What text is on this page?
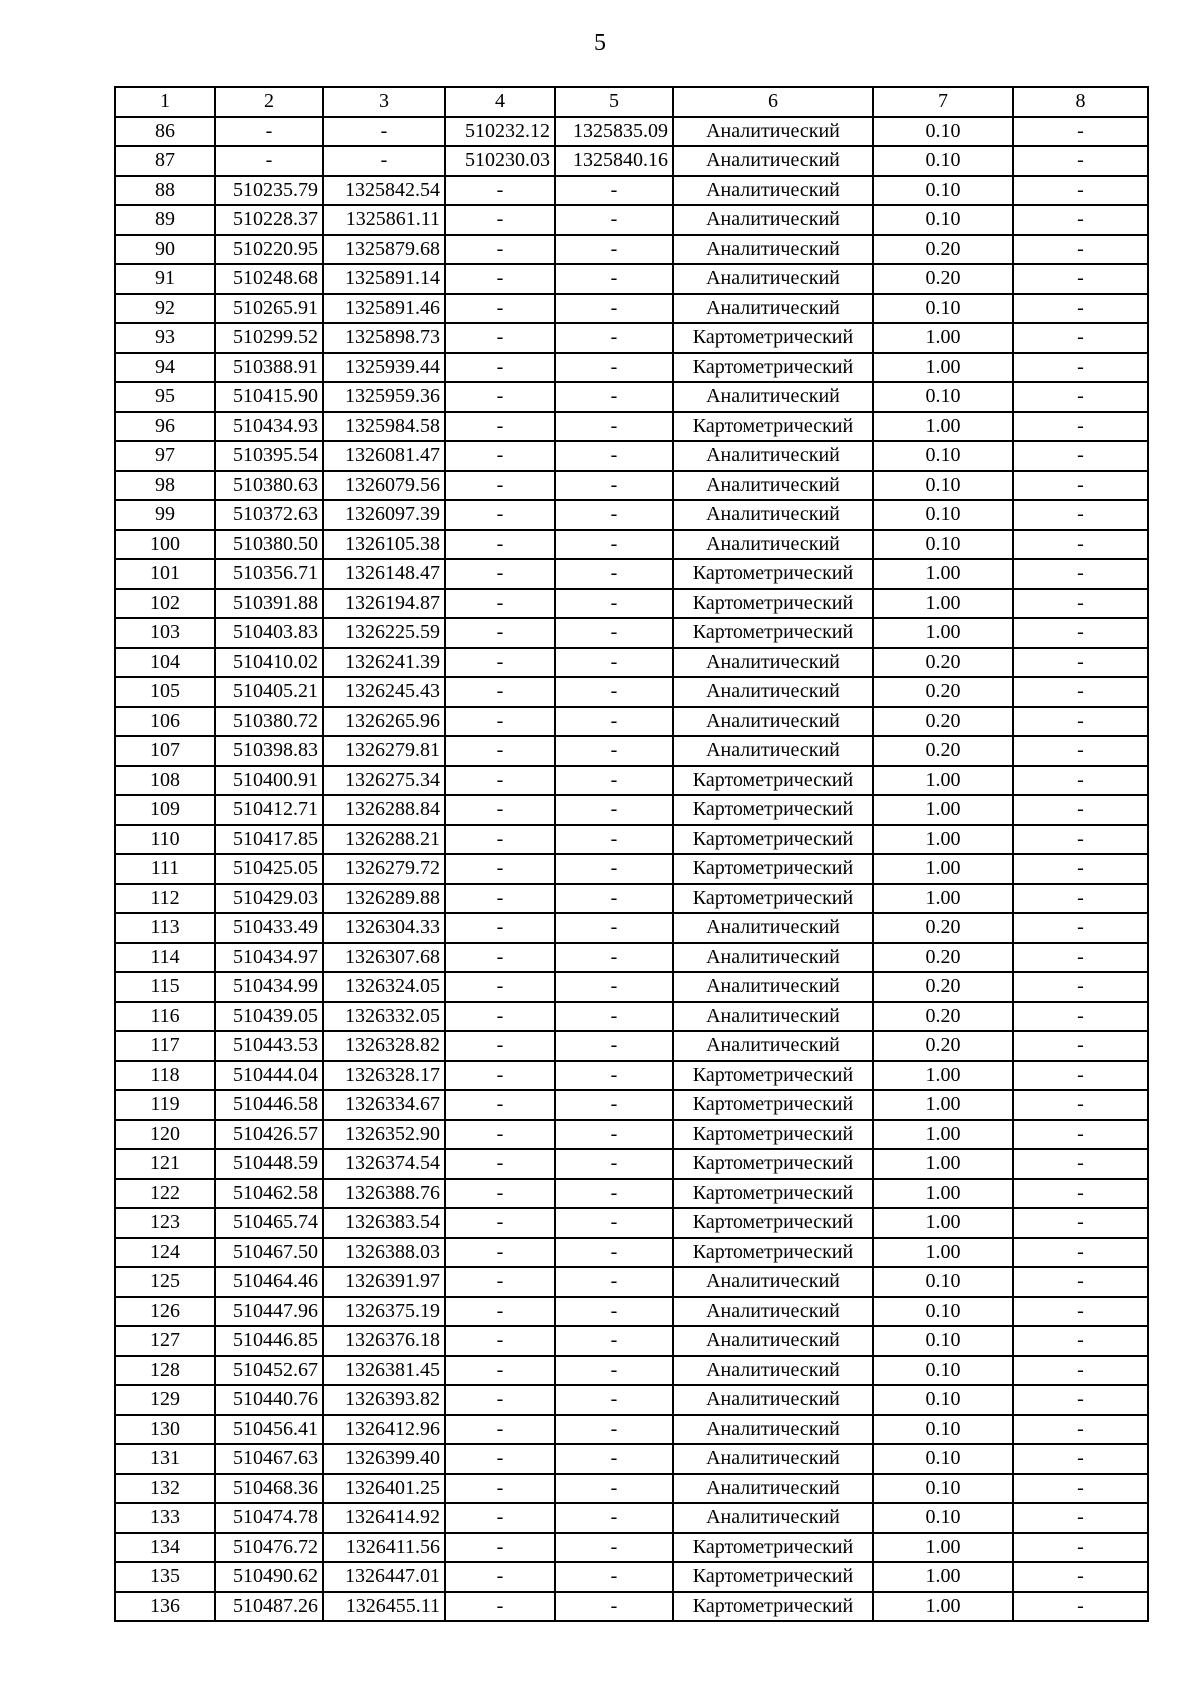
5
1	2	3	4	5	6	7	8
86	-	-	510232.12	1325835.09	Аналитический	0.10	-
87	-	-	510230.03	1325840.16	Аналитический	0.10	-
88	510235.79	1325842.54	-	-	Аналитический	0.10	-
89	510228.37	1325861.11	-	-	Аналитический	0.10	-
90	510220.95	1325879.68	-	-	Аналитический	0.20	-
91	510248.68	1325891.14	-	-	Аналитический	0.20	-
92	510265.91	1325891.46	-	-	Аналитический	0.10	-
93	510299.52	1325898.73	-	-	Картометрический	1.00	-
94	510388.91	1325939.44	-	-	Картометрический	1.00	-
95	510415.90	1325959.36	-	-	Аналитический	0.10	-
96	510434.93	1325984.58	-	-	Картометрический	1.00	-
97	510395.54	1326081.47	-	-	Аналитический	0.10	-
98	510380.63	1326079.56	-	-	Аналитический	0.10	-
99	510372.63	1326097.39	-	-	Аналитический	0.10	-
100	510380.50	1326105.38	-	-	Аналитический	0.10	-
101	510356.71	1326148.47	-	-	Картометрический	1.00	-
102	510391.88	1326194.87	-	-	Картометрический	1.00	-
103	510403.83	1326225.59	-	-	Картометрический	1.00	-
104	510410.02	1326241.39	-	-	Аналитический	0.20	-
105	510405.21	1326245.43	-	-	Аналитический	0.20	-
106	510380.72	1326265.96	-	-	Аналитический	0.20	-
107	510398.83	1326279.81	-	-	Аналитический	0.20	-
108	510400.91	1326275.34	-	-	Картометрический	1.00	-
109	510412.71	1326288.84	-	-	Картометрический	1.00	-
110	510417.85	1326288.21	-	-	Картометрический	1.00	-
111	510425.05	1326279.72	-	-	Картометрический	1.00	-
112	510429.03	1326289.88	-	-	Картометрический	1.00	-
113	510433.49	1326304.33	-	-	Аналитический	0.20	-
114	510434.97	1326307.68	-	-	Аналитический	0.20	-
115	510434.99	1326324.05	-	-	Аналитический	0.20	-
116	510439.05	1326332.05	-	-	Аналитический	0.20	-
117	510443.53	1326328.82	-	-	Аналитический	0.20	-
118	510444.04	1326328.17	-	-	Картометрический	1.00	-
119	510446.58	1326334.67	-	-	Картометрический	1.00	-
120	510426.57	1326352.90	-	-	Картометрический	1.00	-
121	510448.59	1326374.54	-	-	Картометрический	1.00	-
122	510462.58	1326388.76	-	-	Картометрический	1.00	-
123	510465.74	1326383.54	-	-	Картометрический	1.00	-
124	510467.50	1326388.03	-	-	Картометрический	1.00	-
125	510464.46	1326391.97	-	-	Аналитический	0.10	-
126	510447.96	1326375.19	-	-	Аналитический	0.10	-
127	510446.85	1326376.18	-	-	Аналитический	0.10	-
128	510452.67	1326381.45	-	-	Аналитический	0.10	-
129	510440.76	1326393.82	-	-	Аналитический	0.10	-
130	510456.41	1326412.96	-	-	Аналитический	0.10	-
131	510467.63	1326399.40	-	-	Аналитический	0.10	-
132	510468.36	1326401.25	-	-	Аналитический	0.10	-
133	510474.78	1326414.92	-	-	Аналитический	0.10	-
134	510476.72	1326411.56	-	-	Картометрический	1.00	-
135	510490.62	1326447.01	-	-	Картометрический	1.00	-
136	510487.26	1326455.11	-	-	Картометрический	1.00	-
